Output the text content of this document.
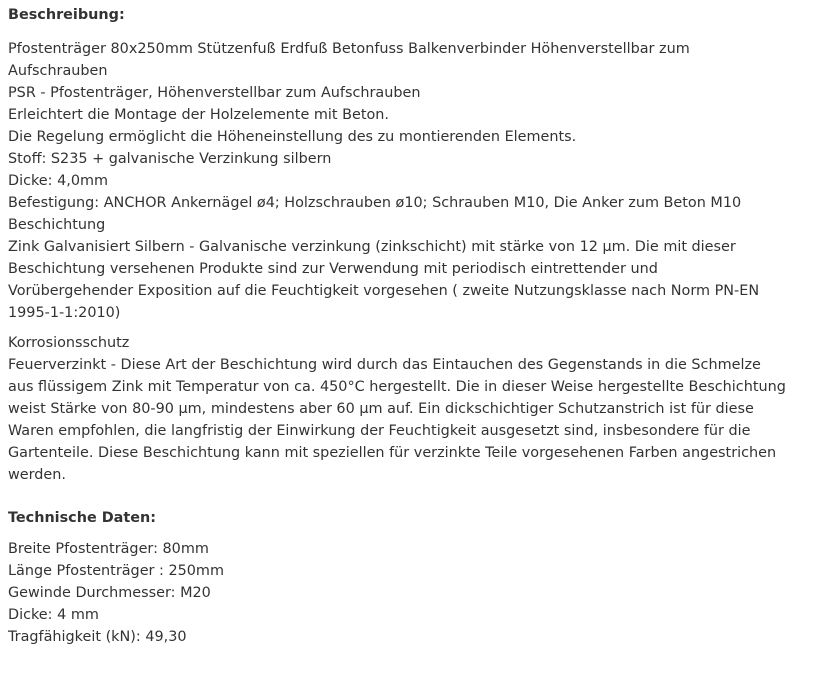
Beschreibung:
Pfostenträger 80x250mm Stützenfuß Erdfuß Betonfuss Balkenverbinder Höhenverstellbar zum
Aufschrauben
PSR - Pfostenträger, Höhenverstellbar zum Aufschrauben
Erleichtert die Montage der Holzelemente mit Beton.
Die Regelung ermöglicht die Höheneinstellung des zu montierenden Elements.
Stoff: S235 + galvanische Verzinkung silbern
Dicke: 4,0mm
Befestigung: ANCHOR Ankernägel ø4; Holzschrauben ø10; Schrauben M10, Die Anker zum Beton M10
Beschichtung
Zink Galvanisiert Silbern - Galvanische verzinkung (zinkschicht) mit stärke von 12 µm. Die mit dieser
Beschichtung versehenen Produkte sind zur Verwendung mit periodisch eintrettender und
Vorübergehender Exposition auf die Feuchtigkeit vorgesehen ( zweite Nutzungsklasse nach Norm PN-EN
1995-1-1:2010)
Korrosionsschutz
Feuerverzinkt - Diese Art der Beschichtung wird durch das Eintauchen des Gegenstands in die Schmelze
aus flüssigem Zink mit Temperatur von ca. 450°C hergestellt. Die in dieser Weise hergestellte Beschichtung
weist Stärke von 80-90 µm, mindestens aber 60 µm auf. Ein dickschichtiger Schutzanstrich ist für diese
Waren empfohlen, die langfristig der Einwirkung der Feuchtigkeit ausgesetzt sind, insbesondere für die
Gartenteile. Diese Beschichtung kann mit speziellen für verzinkte Teile vorgesehenen Farben angestrichen
werden.
Technische Daten:
Breite Pfostenträger: 80mm
Länge Pfostenträger : 250mm
Gewinde Durchmesser: M20
Dicke: 4 mm
Tragfähigkeit (kN): 49,30
